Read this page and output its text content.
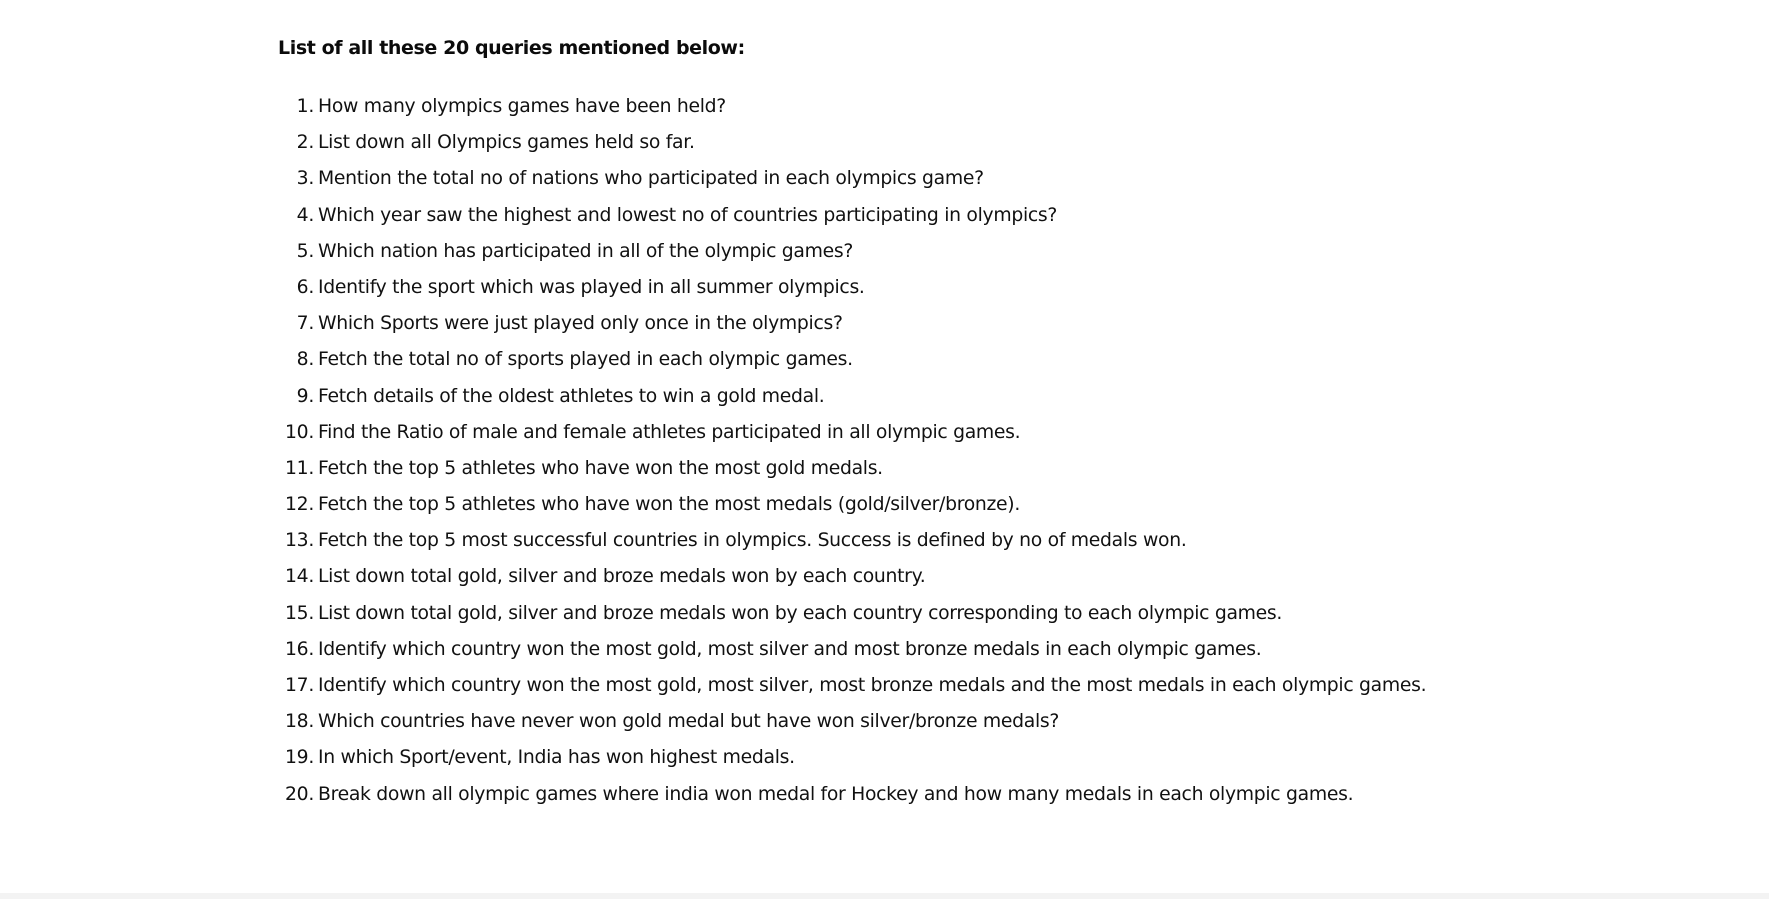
List of all these 20 queries mentioned below:
1. How many olympics games have been held?
2. List down all Olympics games held so far.
3. Mention the total no of nations who participated in each olympics game?
4. Which year saw the highest and lowest no of countries participating in olympics?
5. Which nation has participated in all of the olympic games?
6. Identify the sport which was played in all summer olympics.
7. Which Sports were just played only once in the olympics?
8. Fetch the total no of sports played in each olympic games.
9. Fetch details of the oldest athletes to win a gold medal.
10. Find the Ratio of male and female athletes participated in all olympic games.
11. Fetch the top 5 athletes who have won the most gold medals.
12. Fetch the top 5 athletes who have won the most medals (gold/silver/bronze).
13. Fetch the top 5 most successful countries in olympics. Success is defined by no of medals won.
14. List down total gold, silver and broze medals won by each country.
15. List down total gold, silver and broze medals won by each country corresponding to each olympic games.
16. Identify which country won the most gold, most silver and most bronze medals in each olympic games.
17. Identify which country won the most gold, most silver, most bronze medals and the most medals in each olympic games.
18. Which countries have never won gold medal but have won silver/bronze medals?
19. In which Sport/event, India has won highest medals.
20. Break down all olympic games where india won medal for Hockey and how many medals in each olympic games.
